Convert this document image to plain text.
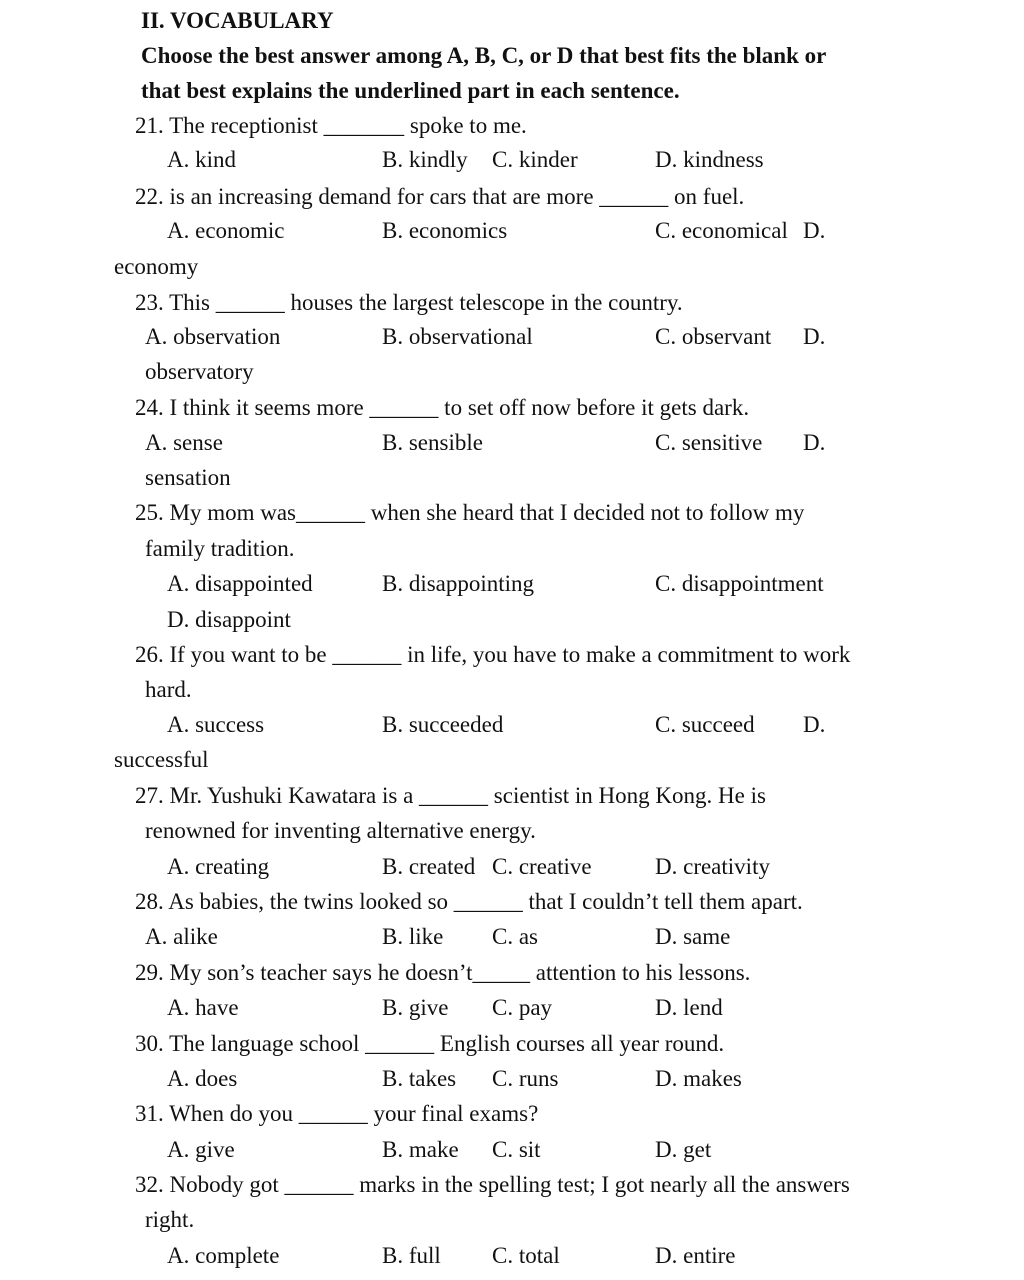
II. VOCABULARY
Choose the best answer among A, B, C, or D that best fits the blank or
that best explains the underlined part in each sentence.
21. The receptionist _______ spoke to me.
A. kind	B. kindly C. kinder	D. kindness
22. is an increasing demand for cars that are more ______ on fuel.
A. economic	B. economics	C. economical D.
economy
23. This ______ houses the largest telescope in the country.
A. observation	B. observational	C. observant D.
observatory
24. I think it seems more ______ to set off now before it gets dark.
A. sense	B. sensible	C. sensitive D.
sensation
25. My mom was______ when she heard that I decided not to follow my
family tradition.
A. disappointed	B. disappointing	C. disappointment
D. disappoint
26. If you want to be ______ in life, you have to make a commitment to work
hard.
A. success	B. succeeded	C. succeed D.
successful
27. Mr. Yushuki Kawatara is a ______ scientist in Hong Kong. He is
renowned for inventing alternative energy.
A. creating	B. created C. creative	D. creativity
28. As babies, the twins looked so ______ that I couldn’t tell them apart.
A. alike	B. like C. as	D. same
29. My son’s teacher says he doesn’t_____ attention to his lessons.
A. have	B. give C. pay	D. lend
30. The language school ______ English courses all year round.
A. does	B. takes C. runs	D. makes
31. When do you ______ your final exams?
A. give	B. make C. sit	D. get
32. Nobody got ______ marks in the spelling test; I got nearly all the answers
right.
A. complete	B. full C. total	D. entire
